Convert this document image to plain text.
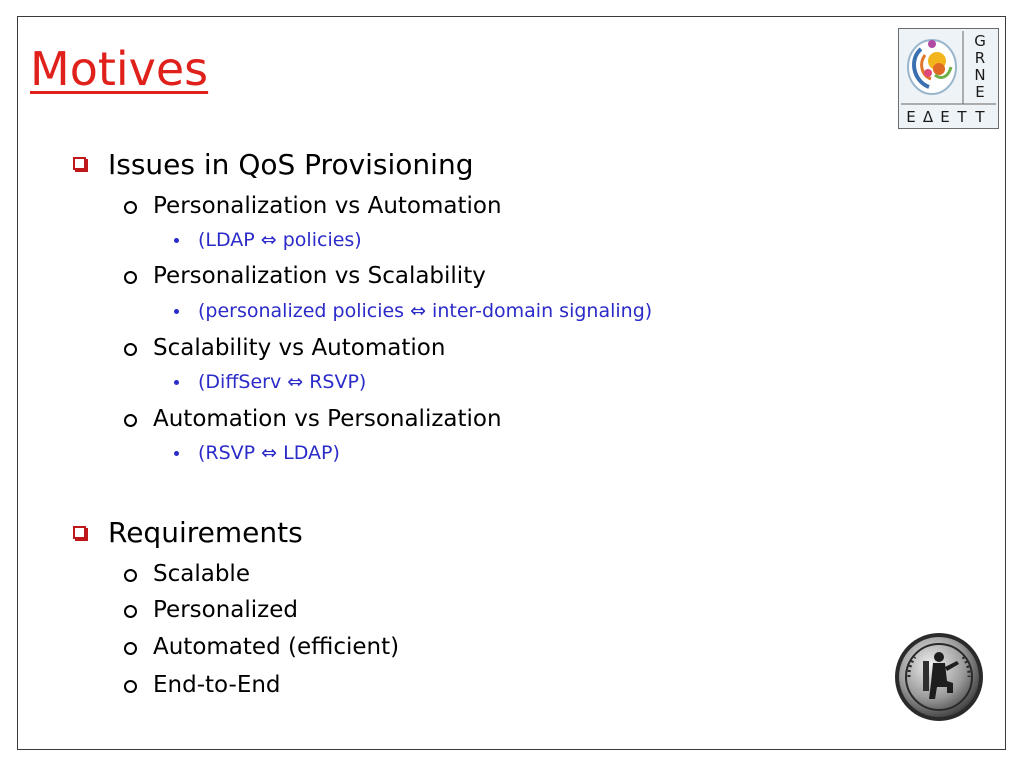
Motives
G
R
N
E
T
Ε Δ Ε Τ
Issues in QoS Provisioning
Personalization vs Automation
(LDAP ⇔ policies)
Personalization vs Scalability
(personalized policies ⇔ inter-domain signaling)
Scalability vs Automation
(DiffServ ⇔ RSVP)
Automation vs Personalization
(RSVP ⇔ LDAP)
Requirements
Scalable
Personalized
Automated (efficient)
End-to-End
